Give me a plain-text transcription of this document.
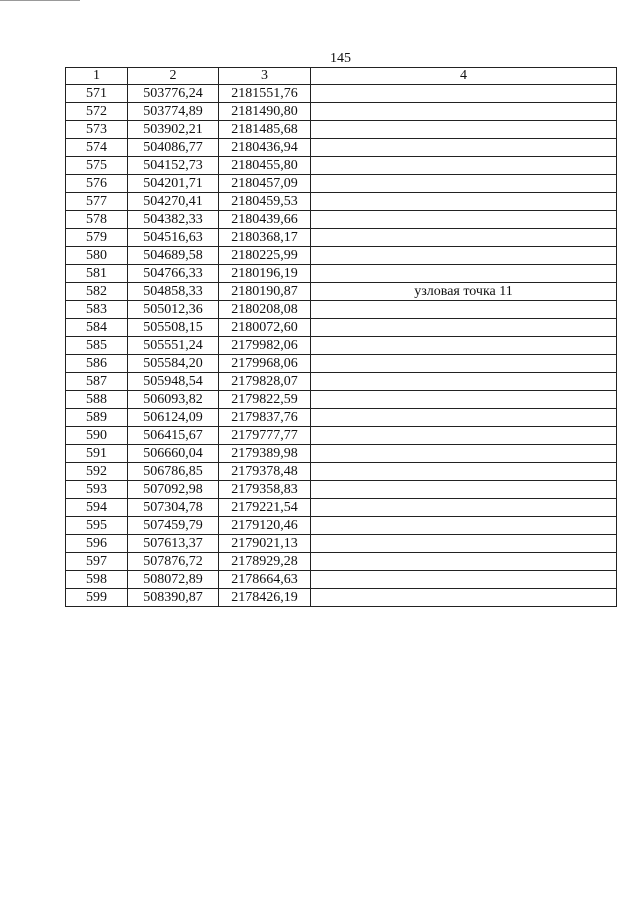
145
1	2	3	4
571	503776,24	2181551,76	
572	503774,89	2181490,80	
573	503902,21	2181485,68	
574	504086,77	2180436,94	
575	504152,73	2180455,80	
576	504201,71	2180457,09	
577	504270,41	2180459,53	
578	504382,33	2180439,66	
579	504516,63	2180368,17	
580	504689,58	2180225,99	
581	504766,33	2180196,19	
582	504858,33	2180190,87	узловая точка 11
583	505012,36	2180208,08	
584	505508,15	2180072,60	
585	505551,24	2179982,06	
586	505584,20	2179968,06	
587	505948,54	2179828,07	
588	506093,82	2179822,59	
589	506124,09	2179837,76	
590	506415,67	2179777,77	
591	506660,04	2179389,98	
592	506786,85	2179378,48	
593	507092,98	2179358,83	
594	507304,78	2179221,54	
595	507459,79	2179120,46	
596	507613,37	2179021,13	
597	507876,72	2178929,28	
598	508072,89	2178664,63	
599	508390,87	2178426,19	
